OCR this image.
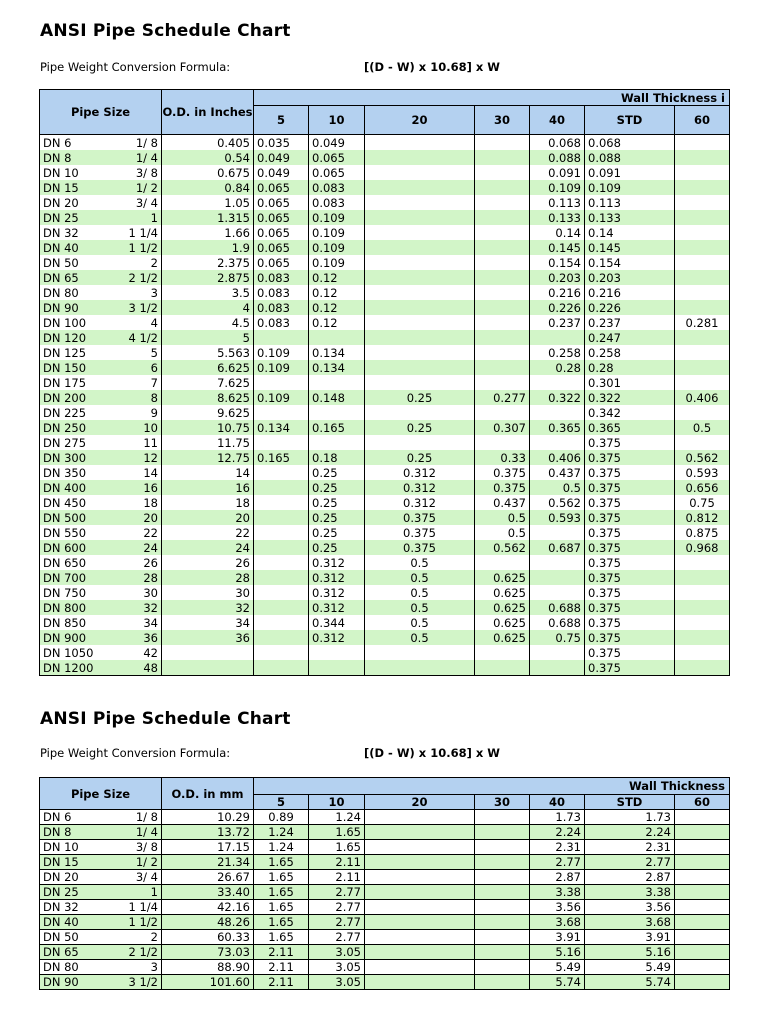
ANSI Pipe Schedule Chart
Pipe Weight Conversion Formula:	[(D - W) x 10.68] x W
Pipe Size		O.D. in Inches	Wall Thickness i						
			5	10	20	30	40	STD	60
DN 6	1/ 8	0.405	0.035	0.049			0.068	0.068	
DN 8	1/ 4	0.54	0.049	0.065			0.088	0.088	
DN 10	3/ 8	0.675	0.049	0.065			0.091	0.091	
DN 15	1/ 2	0.84	0.065	0.083			0.109	0.109	
DN 20	3/ 4	1.05	0.065	0.083			0.113	0.113	
DN 25	1	1.315	0.065	0.109			0.133	0.133	
DN 32	1 1/4	1.66	0.065	0.109			0.14	0.14	
DN 40	1 1/2	1.9	0.065	0.109			0.145	0.145	
DN 50	2	2.375	0.065	0.109			0.154	0.154	
DN 65	2 1/2	2.875	0.083	0.12			0.203	0.203	
DN 80	3	3.5	0.083	0.12			0.216	0.216	
DN 90	3 1/2	4	0.083	0.12			0.226	0.226	
DN 100	4	4.5	0.083	0.12			0.237	0.237	0.281
DN 120	4 1/2	5						0.247	
DN 125	5	5.563	0.109	0.134			0.258	0.258	
DN 150	6	6.625	0.109	0.134			0.28	0.28	
DN 175	7	7.625						0.301	
DN 200	8	8.625	0.109	0.148	0.25	0.277	0.322	0.322	0.406
DN 225	9	9.625						0.342	
DN 250	10	10.75	0.134	0.165	0.25	0.307	0.365	0.365	0.5
DN 275	11	11.75						0.375	
DN 300	12	12.75	0.165	0.18	0.25	0.33	0.406	0.375	0.562
DN 350	14	14		0.25	0.312	0.375	0.437	0.375	0.593
DN 400	16	16		0.25	0.312	0.375	0.5	0.375	0.656
DN 450	18	18		0.25	0.312	0.437	0.562	0.375	0.75
DN 500	20	20		0.25	0.375	0.5	0.593	0.375	0.812
DN 550	22	22		0.25	0.375	0.5		0.375	0.875
DN 600	24	24		0.25	0.375	0.562	0.687	0.375	0.968
DN 650	26	26		0.312	0.5			0.375	
DN 700	28	28		0.312	0.5	0.625		0.375	
DN 750	30	30		0.312	0.5	0.625		0.375	
DN 800	32	32		0.312	0.5	0.625	0.688	0.375	
DN 850	34	34		0.344	0.5	0.625	0.688	0.375	
DN 900	36	36		0.312	0.5	0.625	0.75	0.375	
DN 1050	42							0.375	
DN 1200	48							0.375	
ANSI Pipe Schedule Chart
Pipe Weight Conversion Formula:	[(D - W) x 10.68] x W
Pipe Size		O.D. in mm	Wall Thickness						
			5	10	20	30	40	STD	60
DN 6	1/ 8	10.29	0.89	1.24			1.73	1.73	
DN 8	1/ 4	13.72	1.24	1.65			2.24	2.24	
DN 10	3/ 8	17.15	1.24	1.65			2.31	2.31	
DN 15	1/ 2	21.34	1.65	2.11			2.77	2.77	
DN 20	3/ 4	26.67	1.65	2.11			2.87	2.87	
DN 25	1	33.40	1.65	2.77			3.38	3.38	
DN 32	1 1/4	42.16	1.65	2.77			3.56	3.56	
DN 40	1 1/2	48.26	1.65	2.77			3.68	3.68	
DN 50	2	60.33	1.65	2.77			3.91	3.91	
DN 65	2 1/2	73.03	2.11	3.05			5.16	5.16	
DN 80	3	88.90	2.11	3.05			5.49	5.49	
DN 90	3 1/2	101.60	2.11	3.05			5.74	5.74	
